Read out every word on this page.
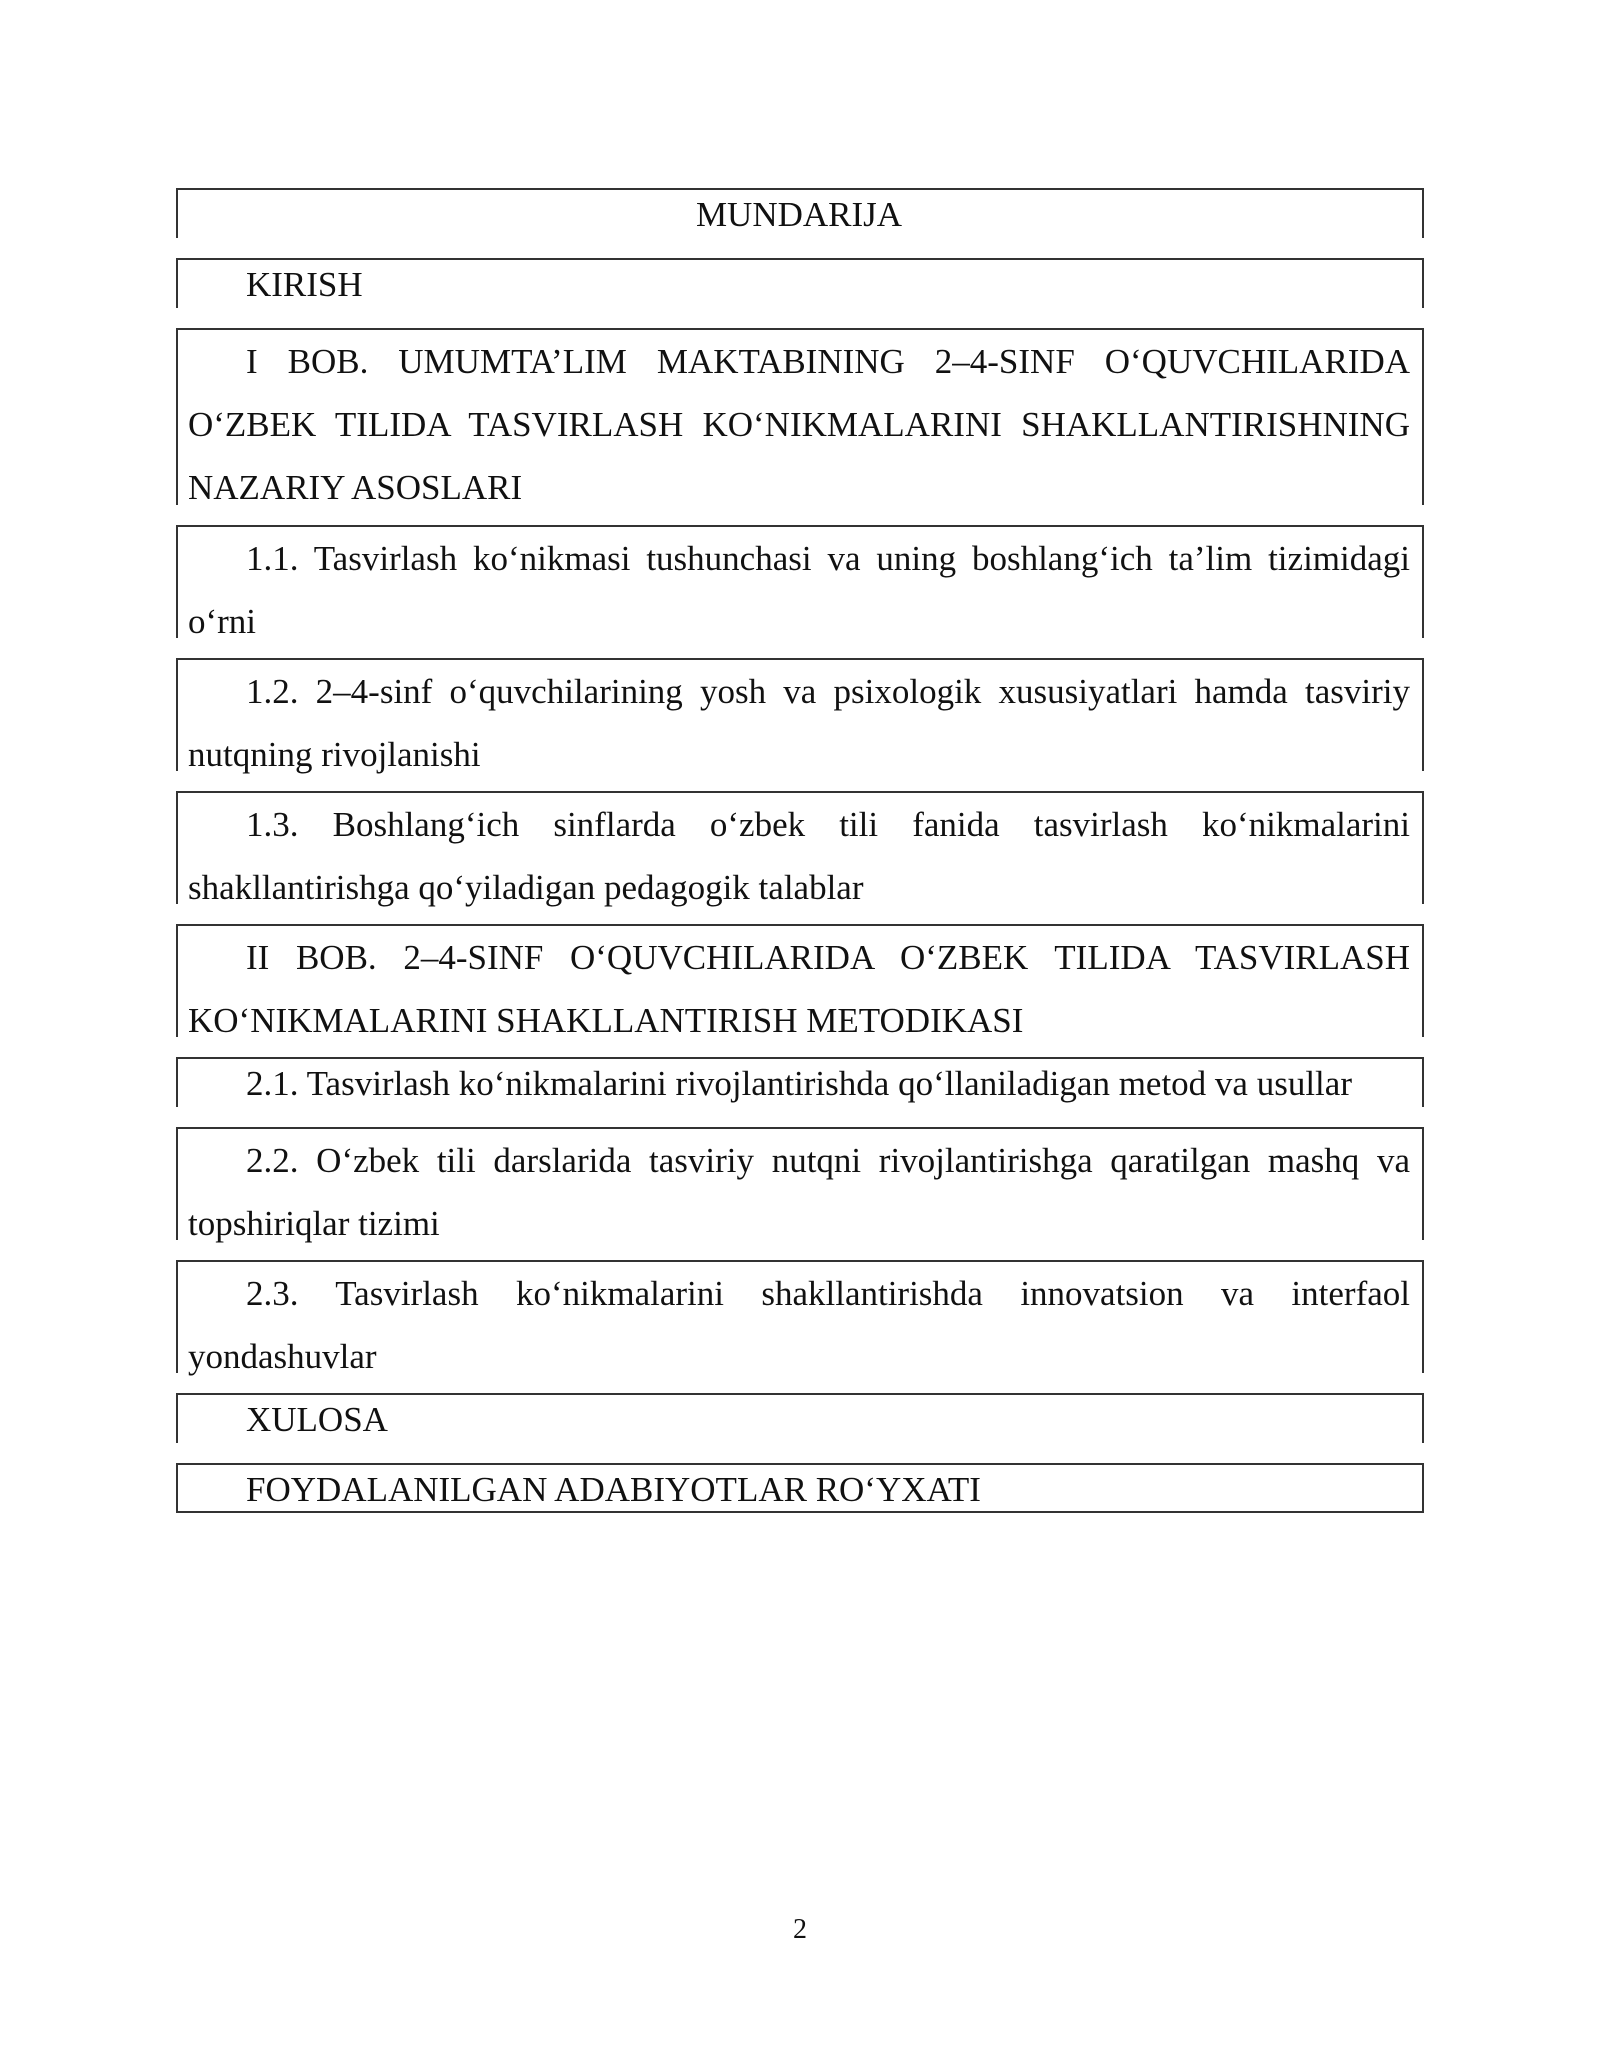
MUNDARIJA
KIRISH
I BOB. UMUMTA’LIM MAKTABINING 2–4-SINF O‘QUVCHILARIDA O‘ZBEK TILIDA TASVIRLASH KO‘NIKMALARINI SHAKLLANTIRISHNING NAZARIY ASOSLARI
1.1. Tasvirlash ko‘nikmasi tushunchasi va uning boshlang‘ich ta’lim tizimidagi o‘rni
1.2. 2–4-sinf o‘quvchilarining yosh va psixologik xususiyatlari hamda tasviriy nutqning rivojlanishi
1.3. Boshlang‘ich sinflarda o‘zbek tili fanida tasvirlash ko‘nikmalarini shakllantirishga qo‘yiladigan pedagogik talablar
II BOB. 2–4-SINF O‘QUVCHILARIDA O‘ZBEK TILIDA TASVIRLASH KO‘NIKMALARINI SHAKLLANTIRISH METODIKASI
2.1. Tasvirlash ko‘nikmalarini rivojlantirishda qo‘llaniladigan metod va usullar
2.2. O‘zbek tili darslarida tasviriy nutqni rivojlantirishga qaratilgan mashq va topshiriqlar tizimi
2.3. Tasvirlash ko‘nikmalarini shakllantirishda innovatsion va interfaol yondashuvlar
XULOSA
FOYDALANILGAN ADABIYOTLAR RO‘YXATI
2
